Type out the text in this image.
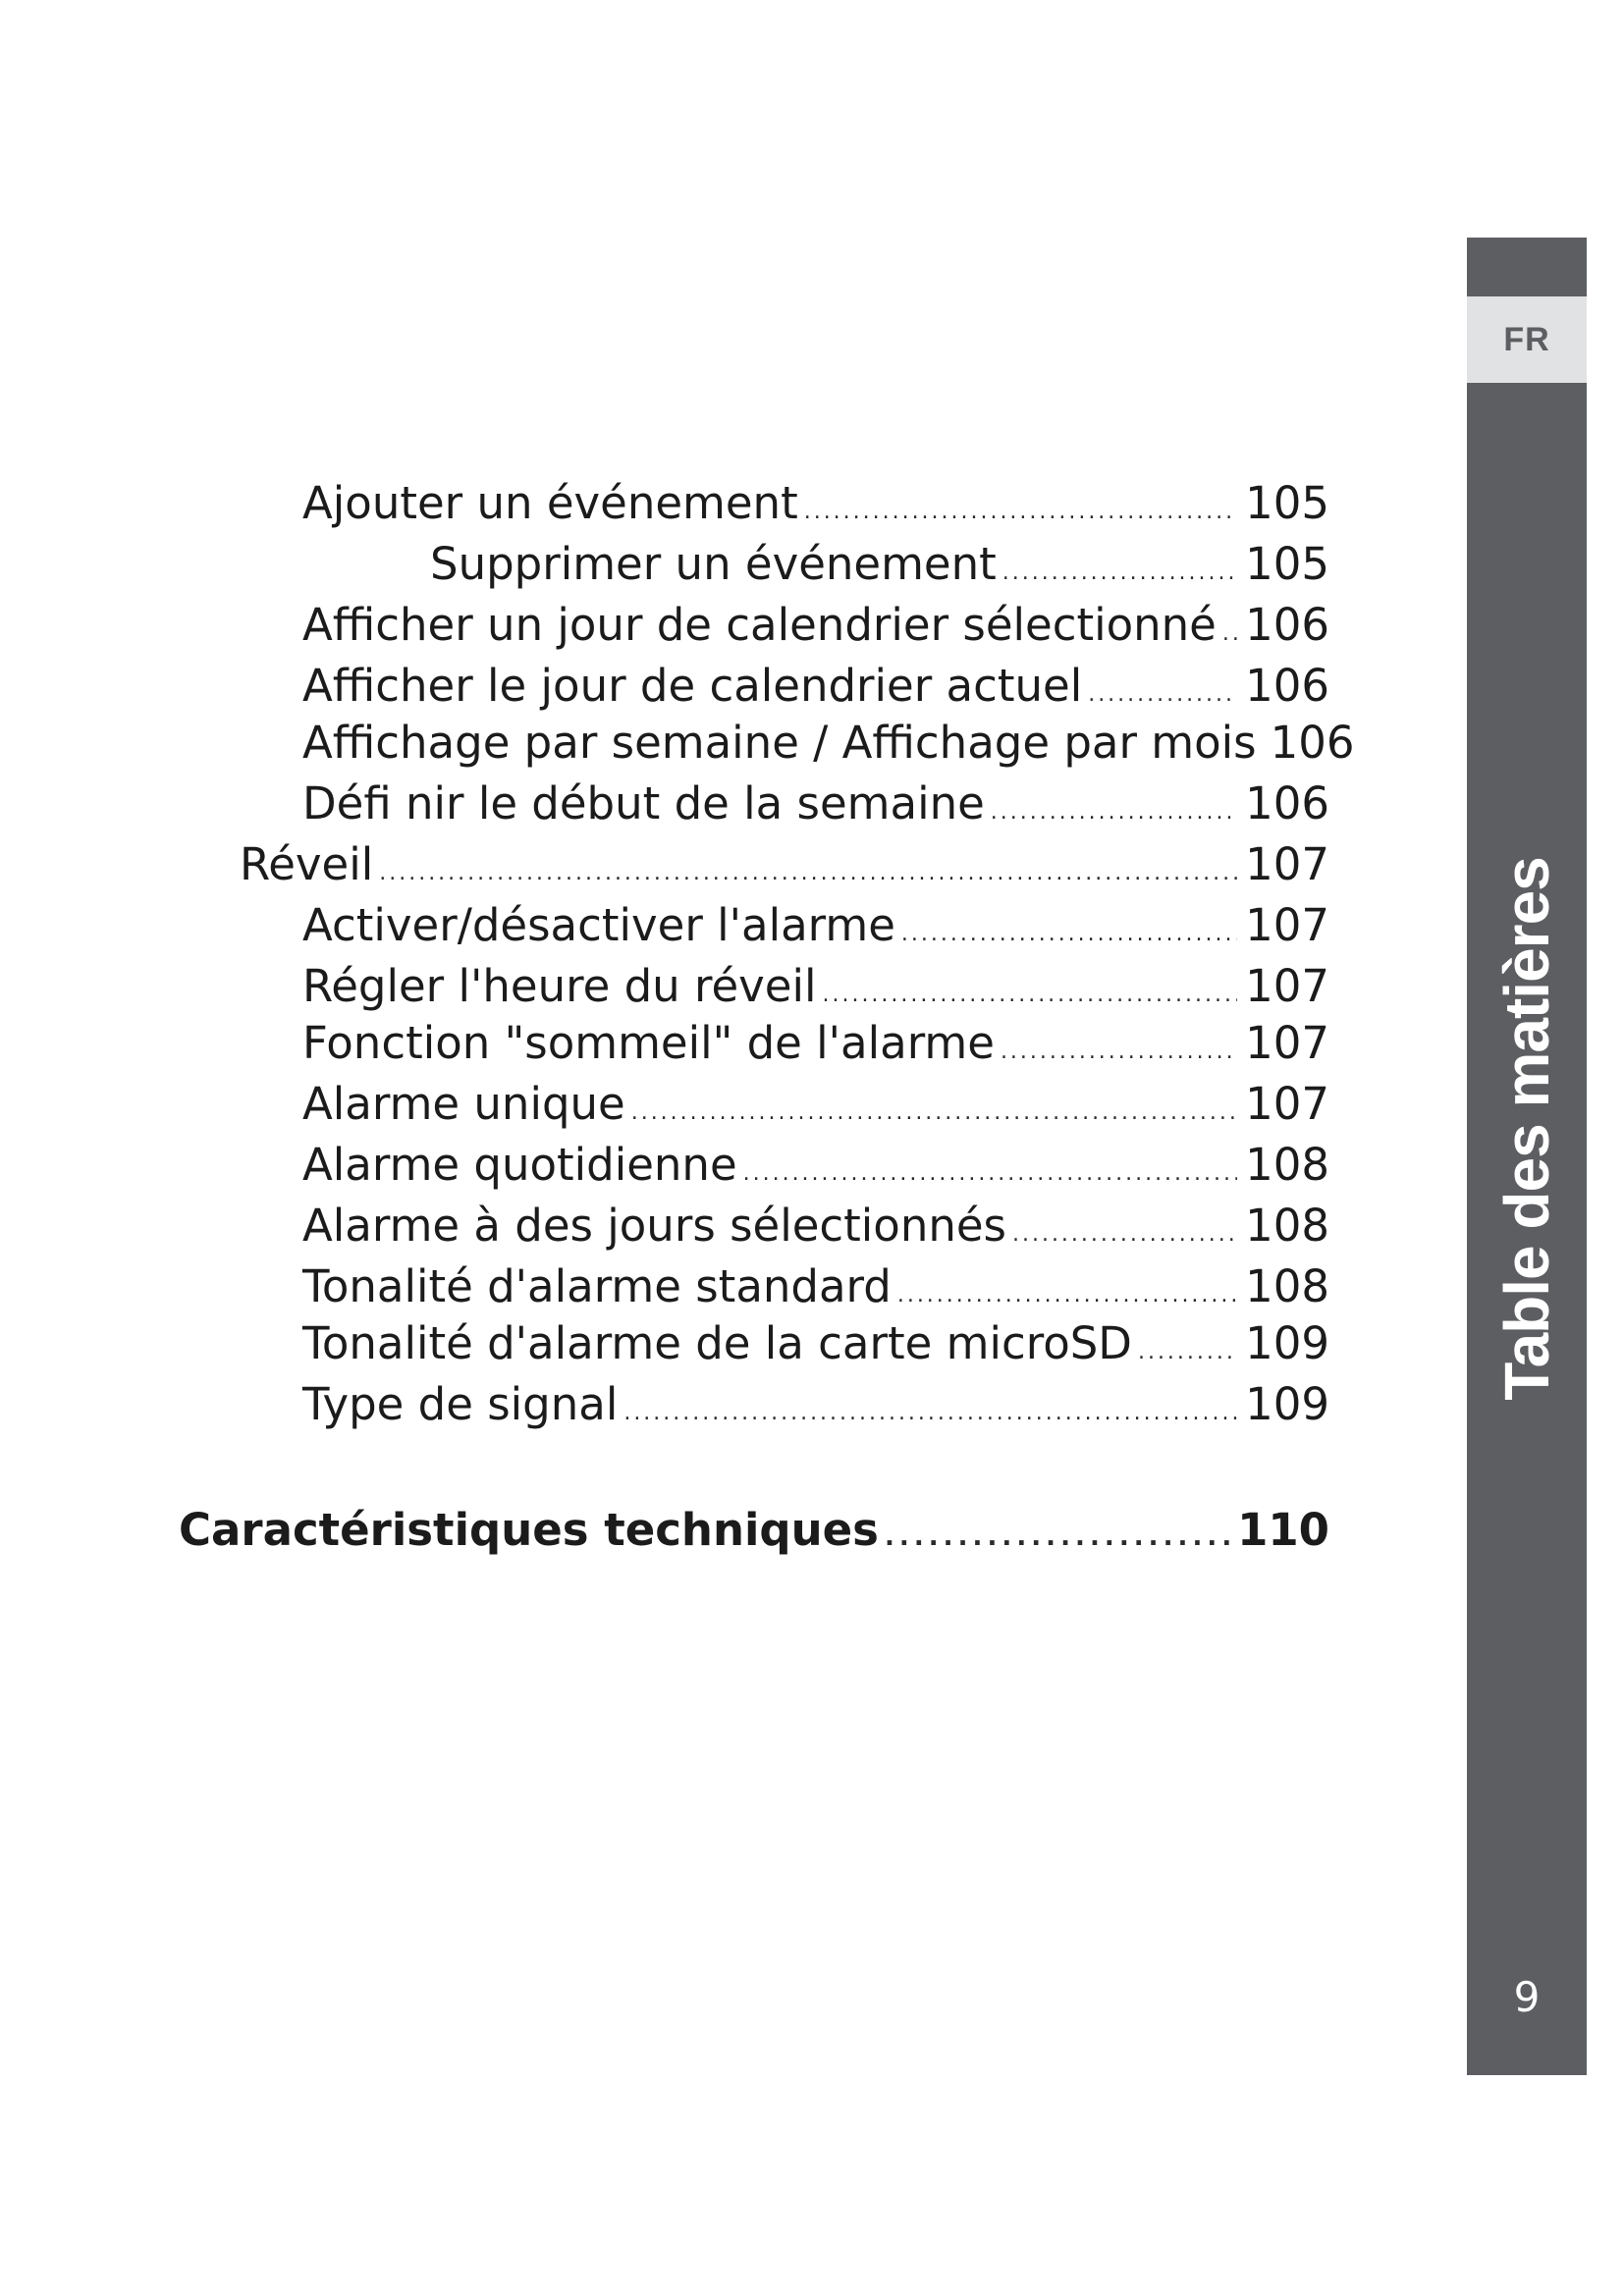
Ajouter un événement . . .	105
Supprimer un événement . . .	105
Afficher un jour de calendrier sélectionné . . . 106
Afficher le jour de calendrier actuel . . .	106
Affichage par semaine / Affichage par mois 106
Défi nir le début de la semaine . . .	106
Réveil . . .	107
Activer/désactiver l'alarme . . .	107
Régler l'heure du réveil . . .	107
Fonction "sommeil" de l'alarme . . .	107
Alarme unique . . .	107
Alarme quotidienne . . .	108
Alarme à des jours sélectionnés . . .	108
Tonalité d'alarme standard . . .	108
Tonalité d'alarme de la carte microSD . . .	109
Type de signal . . .	109
Caractéristiques techniques . . .	110
FR
Table des matières
9
